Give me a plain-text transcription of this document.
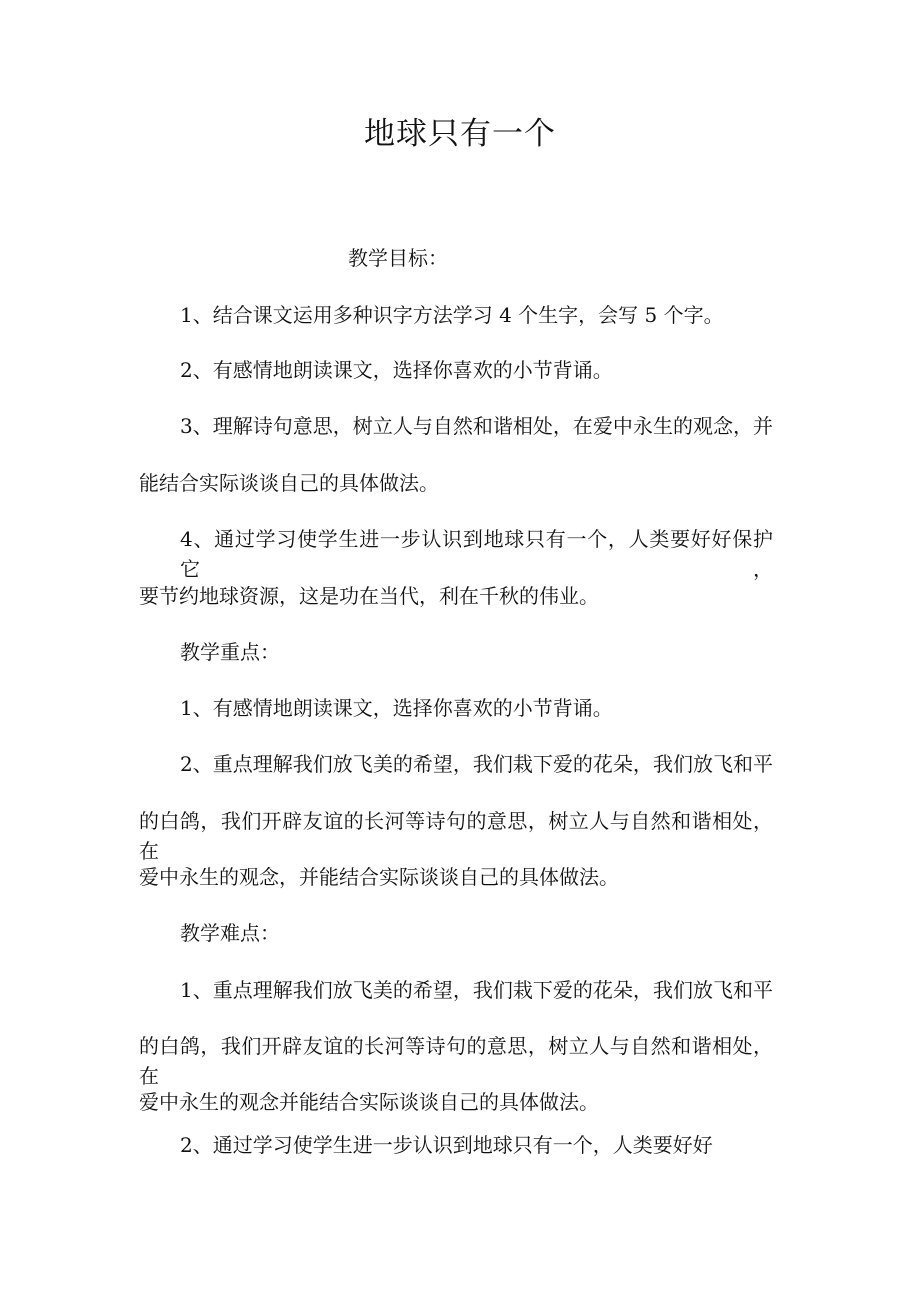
地球只有一个
教学目标：
1、结合课文运用多种识字方法学习 4 个生字，会写 5 个字。
2、有感情地朗读课文，选择你喜欢的小节背诵。
3、理解诗句意思，树立人与自然和谐相处，在爱中永生的观念，并
能结合实际谈谈自己的具体做法。
4、通过学习使学生进一步认识到地球只有一个，人类要好好保护它，
要节约地球资源，这是功在当代，利在千秋的伟业。
教学重点：
1、有感情地朗读课文，选择你喜欢的小节背诵。
2、重点理解我们放飞美的希望，我们栽下爱的花朵，我们放飞和平
的白鸽，我们开辟友谊的长河等诗句的意思，树立人与自然和谐相处，在
爱中永生的观念，并能结合实际谈谈自己的具体做法。
教学难点：
1、重点理解我们放飞美的希望，我们栽下爱的花朵，我们放飞和平
的白鸽，我们开辟友谊的长河等诗句的意思，树立人与自然和谐相处，在
爱中永生的观念并能结合实际谈谈自己的具体做法。
2、通过学习使学生进一步认识到地球只有一个，人类要好好
